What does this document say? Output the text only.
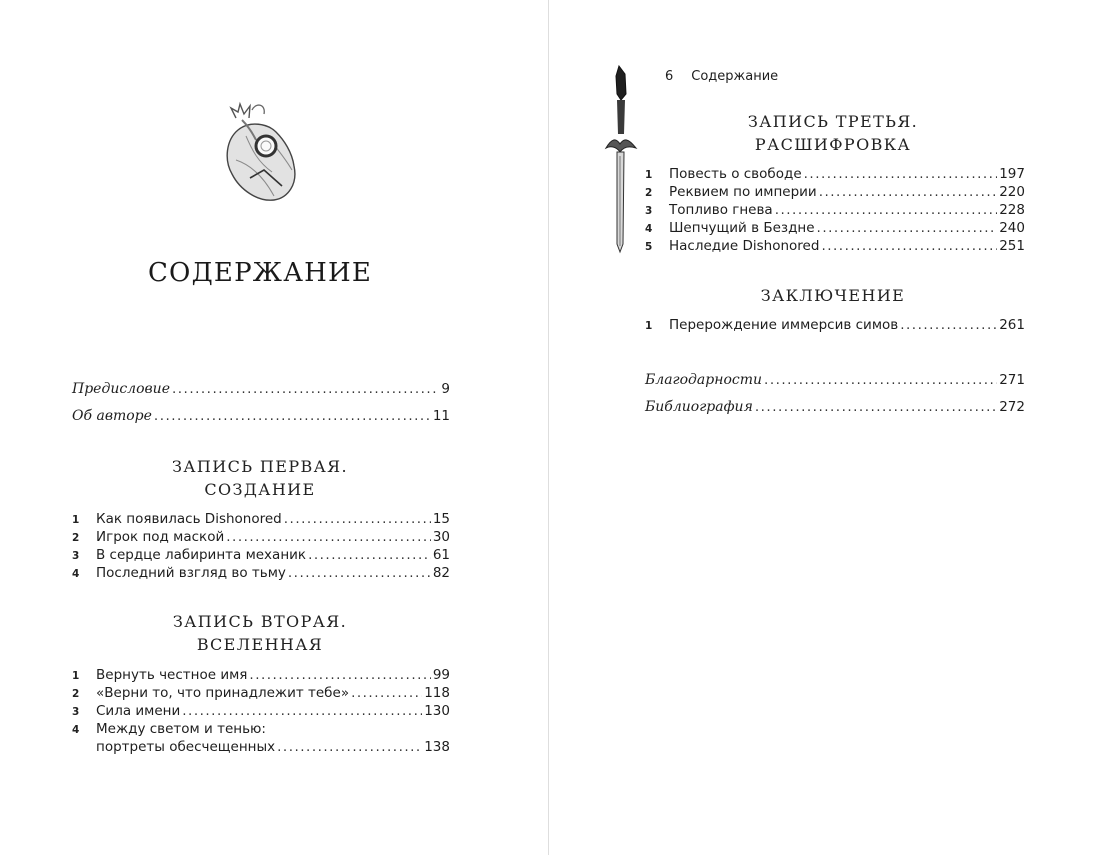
СОДЕРЖАНИЕ
Предисловие . . .	9
Об авторе . . .	11
ЗАПИСЬ ПЕРВАЯ.
СОЗДАНИЕ
1	Как появилась Dishonored . . .	15
2	Игрок под маской . . .	30
3	В сердце лабиринта механик . . .	61
4	Последний взгляд во тьму . . .	82
ЗАПИСЬ ВТОРАЯ.
ВСЕЛЕННАЯ
1	Вернуть честное имя . . .	99
2	«Верни то, что принадлежит тебе» . . .	118
3	Сила имени . . .	130
4	Между светом и тенью:
портреты обесчещенных . . .	138
6 Содержание
ЗАПИСЬ ТРЕТЬЯ.
РАСШИФРОВКА
1	Повесть о свободе . . .	197
2	Реквием по империи . . .	220
3	Топливо гнева . . .	228
4	Шепчущий в Бездне . . .	240
5	Наследие Dishonored . . .	251
ЗАКЛЮЧЕНИЕ
1	Перерождение иммерсив симов . . .	261
Благодарности . . .	271
Библиография . . .	272
